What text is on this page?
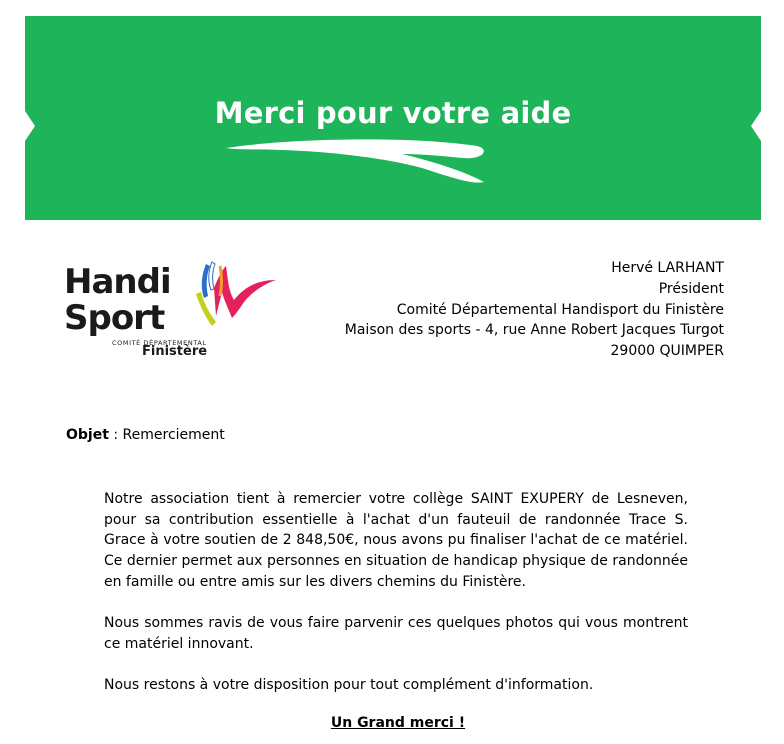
Merci pour votre aide
Handi
Sport
COMITÉ DÉPARTEMENTAL
Finistère
Hervé LARHANT
Président
Comité Départemental Handisport du Finistère
Maison des sports - 4, rue Anne Robert Jacques Turgot
29000 QUIMPER
Objet : Remerciement

Notre association tient à remercier votre collège SAINT EXUPERY de Lesneven, pour sa contribution essentielle à l'achat d'un fauteuil de randonnée Trace S. Grace à votre soutien de 2 848,50€, nous avons pu finaliser l'achat de ce matériel. Ce dernier permet aux personnes en situation de handicap physique de randonnée en famille ou entre amis sur les divers chemins du Finistère.

Nous sommes ravis de vous faire parvenir ces quelques photos qui vous montrent ce matériel innovant.

Nous restons à votre disposition pour tout complément d'information.

Un Grand merci !
